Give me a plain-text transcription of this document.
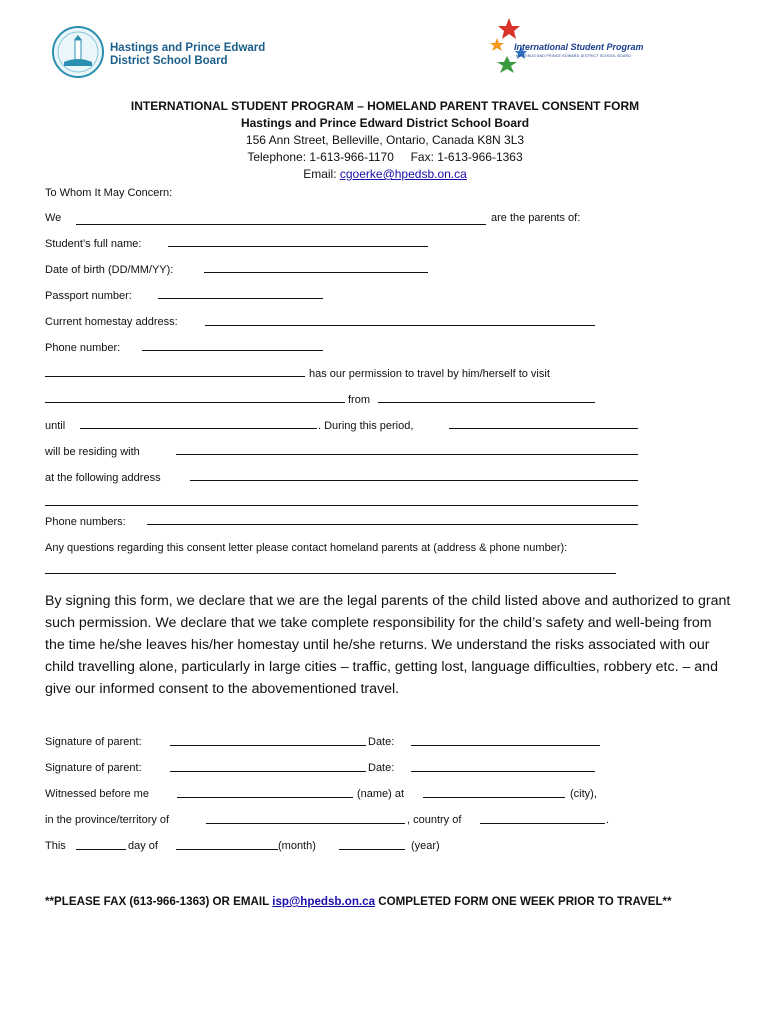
Hastings and Prince Edward
District School Board
International Student Program
HASTINGS AND PRINCE EDWARD DISTRICT SCHOOL BOARD
INTERNATIONAL STUDENT PROGRAM – HOMELAND PARENT TRAVEL CONSENT FORM
Hastings and Prince Edward District School Board
156 Ann Street, Belleville, Ontario, Canada K8N 3L3
Telephone: 1-613-966-1170     Fax: 1-613-966-1363
Email: cgoerke@hpedsb.on.ca
To Whom It May Concern:
We	are the parents of:
Student’s full name:
Date of birth (DD/MM/YY):
Passport number:
Current homestay address:
Phone number:
has our permission to travel by him/herself to visit
from
until	. During this period,
will be residing with
at the following address
Phone numbers:
Any questions regarding this consent letter please contact homeland parents at (address & phone number):
By signing this form, we declare that we are the legal parents of the child listed above and authorized to grant such permission. We declare that we take complete responsibility for the child’s safety and well-being from the time he/she leaves his/her homestay until he/she returns. We understand the risks associated with our child travelling alone, particularly in large cities – traffic, getting lost, language difficulties, robbery etc. – and give our informed consent to the abovementioned travel.
Signature of parent:	Date:
Signature of parent:	Date:
Witnessed before me	(name) at	(city),
in the province/territory of	, country of	.
This	day of	(month)	(year)
**PLEASE FAX (613-966-1363) OR EMAIL isp@hpedsb.on.ca COMPLETED FORM ONE WEEK PRIOR TO TRAVEL**
